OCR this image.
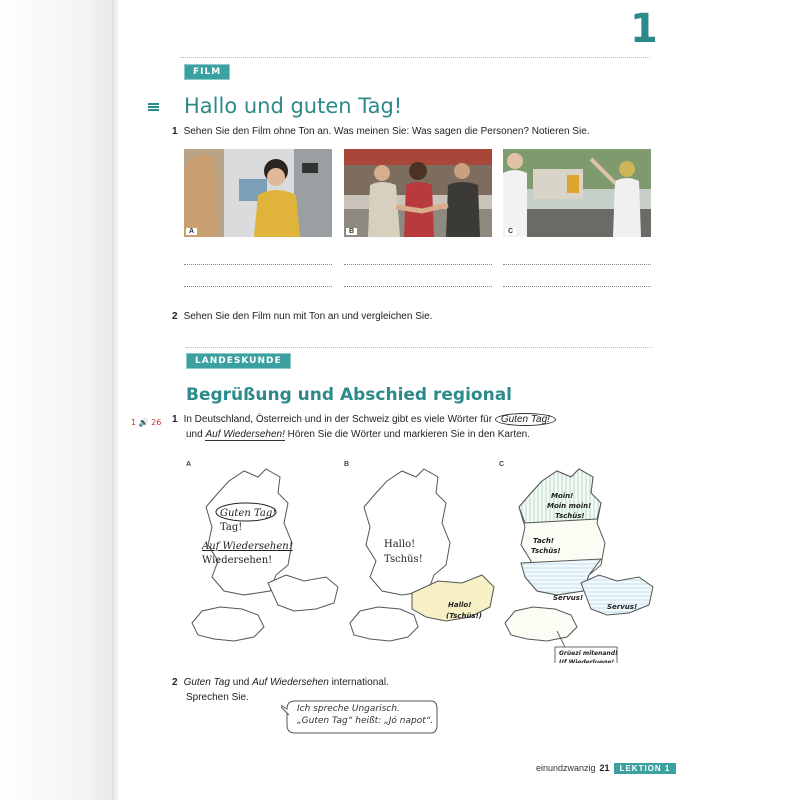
1
FILM
Hallo und guten Tag!
1 Sehen Sie den Film ohne Ton an. Was meinen Sie: Was sagen die Personen? Notieren Sie.
A	B	C
2 Sehen Sie den Film nun mit Ton an und vergleichen Sie.
LANDESKUNDE
Begrüßung und Abschied regional
1 🔊 26 1 In Deutschland, Österreich und in der Schweiz gibt es viele Wörter für Guten Tag!
und Auf Wiedersehen! Hören Sie die Wörter und markieren Sie in den Karten.
A	B	C
Guten Tag!
Tag!
Auf Wiedersehen!
Wiedersehen!
Hallo!
Tschüs!
Hallo!
(Tschüs!)
Moin!
Moin moin!
Tschüs!
Tach!
Tschüs!
Servus!
Servus!
Grüezi mitenand!
Uf Wiederluege!
2 Guten Tag und Auf Wiedersehen international.
Sprechen Sie.
Ich spreche Ungarisch.
„Guten Tag“ heißt: „Jó napot“.
einundzwanzig 21 LEKTION 1
